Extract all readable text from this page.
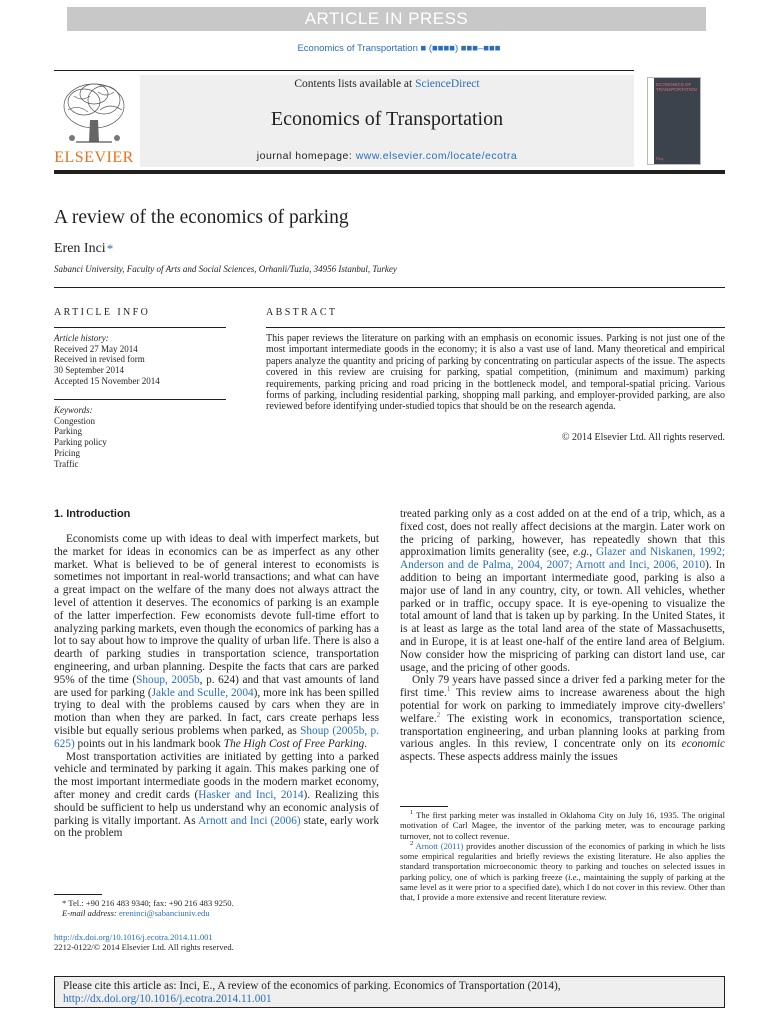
ARTICLE IN PRESS
Economics of Transportation ■ (■■■■) ■■■–■■■
ELSEVIER
Contents lists available at ScienceDirect
Economics of Transportation
journal homepage: www.elsevier.com/locate/ecotra
ECONOMICS OF TRANSPORTATION
Ficy
A review of the economics of parking
Eren Inci*
Sabanci University, Faculty of Arts and Social Sciences, Orhanli/Tuzla, 34956 Istanbul, Turkey
ARTICLE INFO
Article history:
Received 27 May 2014
Received in revised form
30 September 2014
Accepted 15 November 2014
Keywords:
Congestion
Parking
Parking policy
Pricing
Traffic
ABSTRACT
This paper reviews the literature on parking with an emphasis on economic issues. Parking is not just one of the most important intermediate goods in the economy; it is also a vast use of land. Many theoretical and empirical papers analyze the quantity and pricing of parking by concentrating on particular aspects of the issue. The aspects covered in this review are cruising for parking, spatial competition, (minimum and maximum) parking requirements, parking pricing and road pricing in the bottleneck model, and temporal-spatial pricing. Various forms of parking, including residential parking, shopping mall parking, and employer-provided parking, are also reviewed before identifying under-studied topics that should be on the research agenda.
© 2014 Elsevier Ltd. All rights reserved.
1. Introduction

Economists come up with ideas to deal with imperfect markets, but the market for ideas in economics can be as imperfect as any other market. What is believed to be of general interest to economists is sometimes not important in real-world transactions; and what can have a great impact on the welfare of the many does not always attract the level of attention it deserves. The economics of parking is an example of the latter imperfection. Few economists devote full-time effort to analyzing parking markets, even though the economics of parking has a lot to say about how to improve the quality of urban life. There is also a dearth of parking studies in transportation science, transportation engineering, and urban planning. Despite the facts that cars are parked 95% of the time (Shoup, 2005b, p. 624) and that vast amounts of land are used for parking (Jakle and Sculle, 2004), more ink has been spilled trying to deal with the problems caused by cars when they are in motion than when they are parked. In fact, cars create perhaps less visible but equally serious problems when parked, as Shoup (2005b, p. 625) points out in his landmark book The High Cost of Free Parking.

Most transportation activities are initiated by getting into a parked vehicle and terminated by parking it again. This makes parking one of the most important intermediate goods in the modern market economy, after money and credit cards (Hasker and Inci, 2014). Realizing this should be sufficient to help us understand why an economic analysis of parking is vitally important. As Arnott and Inci (2006) state, early work on the problem

treated parking only as a cost added on at the end of a trip, which, as a fixed cost, does not really affect decisions at the margin. Later work on the pricing of parking, however, has repeatedly shown that this approximation limits generality (see, e.g., Glazer and Niskanen, 1992; Anderson and de Palma, 2004, 2007; Arnott and Inci, 2006, 2010). In addition to being an important intermediate good, parking is also a major use of land in any country, city, or town. All vehicles, whether parked or in traffic, occupy space. It is eye-opening to visualize the total amount of land that is taken up by parking. In the United States, it is at least as large as the total land area of the state of Massachusetts, and in Europe, it is at least one-half of the entire land area of Belgium. Now consider how the mispricing of parking can distort land use, car usage, and the pricing of other goods.

Only 79 years have passed since a driver fed a parking meter for the first time.$^1$ This review aims to increase awareness about the high potential for work on parking to immediately improve city-dwellers' welfare.$^2$ The existing work in economics, transportation science, transportation engineering, and urban planning looks at parking from various angles. In this review, I concentrate only on its economic aspects. These aspects address mainly the issues

$^1$ The first parking meter was installed in Oklahoma City on July 16, 1935. The original motivation of Carl Magee, the inventor of the parking meter, was to encourage parking turnover, not to collect revenue.

$^2$ Arnott (2011) provides another discussion of the economics of parking in which he lists some empirical regularities and briefly reviews the existing literature. He also applies the standard transportation microeconomic theory to parking and touches on selected issues in parking policy, one of which is parking freeze (i.e., maintaining the supply of parking at the same level as it were prior to a specified date), which I do not cover in this review. Other than that, I provide a more extensive and recent literature review.

* Tel.: +90 216 483 9340; fax: +90 216 483 9250.
E-mail address: ereninci@sabanciuniv.edu
http://dx.doi.org/10.1016/j.ecotra.2014.11.001
2212-0122/© 2014 Elsevier Ltd. All rights reserved.
Please cite this article as: Inci, E., A review of the economics of parking. Economics of Transportation (2014), http://dx.doi.org/10.1016/j.ecotra.2014.11.001
